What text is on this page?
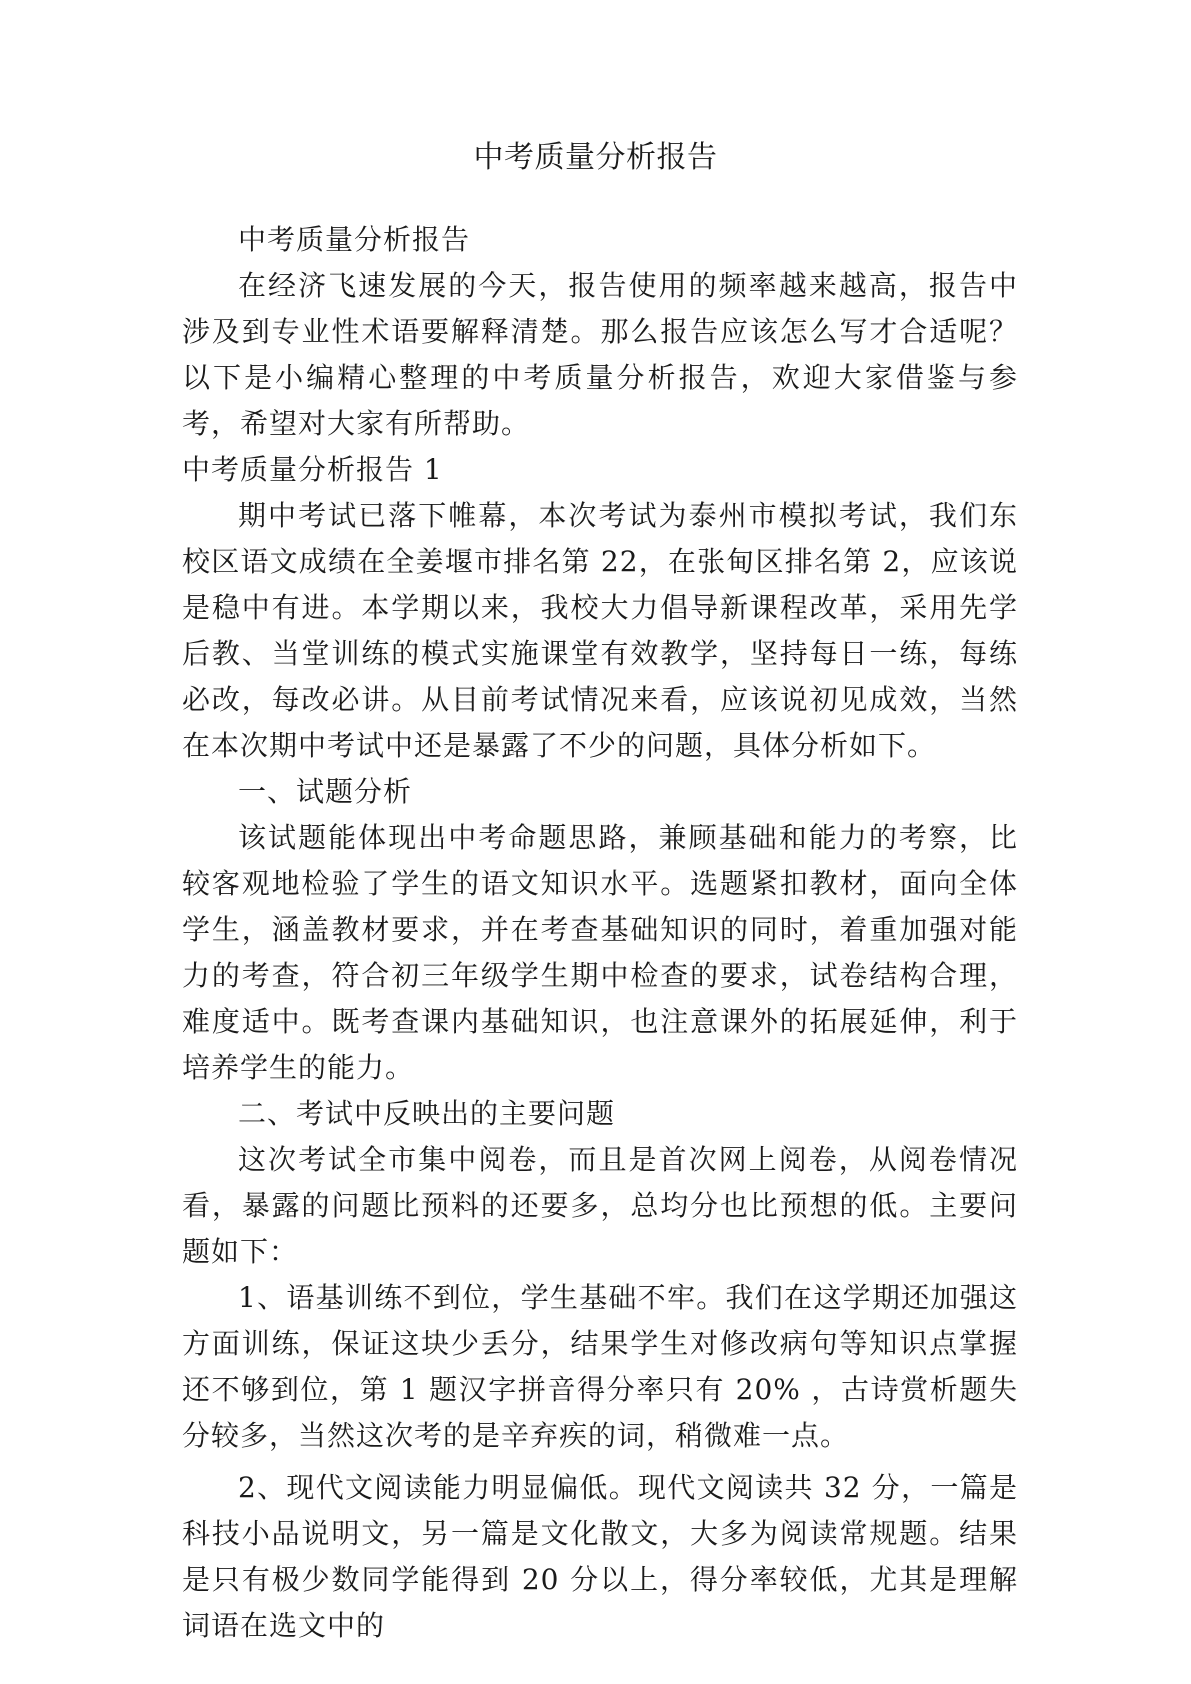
中考质量分析报告

中考质量分析报告

在经济飞速发展的今天，报告使用的频率越来越高，报告中涉及到专业性术语要解释清楚。那么报告应该怎么写才合适呢？以下是小编精心整理的中考质量分析报告，欢迎大家借鉴与参考，希望对大家有所帮助。

中考质量分析报告 1

期中考试已落下帷幕，本次考试为泰州市模拟考试，我们东校区语文成绩在全姜堰市排名第 22，在张甸区排名第 2，应该说是稳中有进。本学期以来，我校大力倡导新课程改革，采用先学后教、当堂训练的模式实施课堂有效教学，坚持每日一练，每练必改，每改必讲。从目前考试情况来看，应该说初见成效，当然在本次期中考试中还是暴露了不少的问题，具体分析如下。

一、试题分析

该试题能体现出中考命题思路，兼顾基础和能力的考察，比较客观地检验了学生的语文知识水平。选题紧扣教材，面向全体学生，涵盖教材要求，并在考查基础知识的同时，着重加强对能力的考查，符合初三年级学生期中检查的要求，试卷结构合理，难度适中。既考查课内基础知识，也注意课外的拓展延伸，利于培养学生的能力。

二、考试中反映出的主要问题

这次考试全市集中阅卷，而且是首次网上阅卷，从阅卷情况看，暴露的问题比预料的还要多，总均分也比预想的低。主要问题如下：

1、语基训练不到位，学生基础不牢。我们在这学期还加强这方面训练，保证这块少丢分，结果学生对修改病句等知识点掌握还不够到位，第 1 题汉字拼音得分率只有 20% ，古诗赏析题失分较多，当然这次考的是辛弃疾的词，稍微难一点。

2、现代文阅读能力明显偏低。现代文阅读共 32 分，一篇是科技小品说明文，另一篇是文化散文，大多为阅读常规题。结果是只有极少数同学能得到 20 分以上，得分率较低，尤其是理解词语在选文中的
